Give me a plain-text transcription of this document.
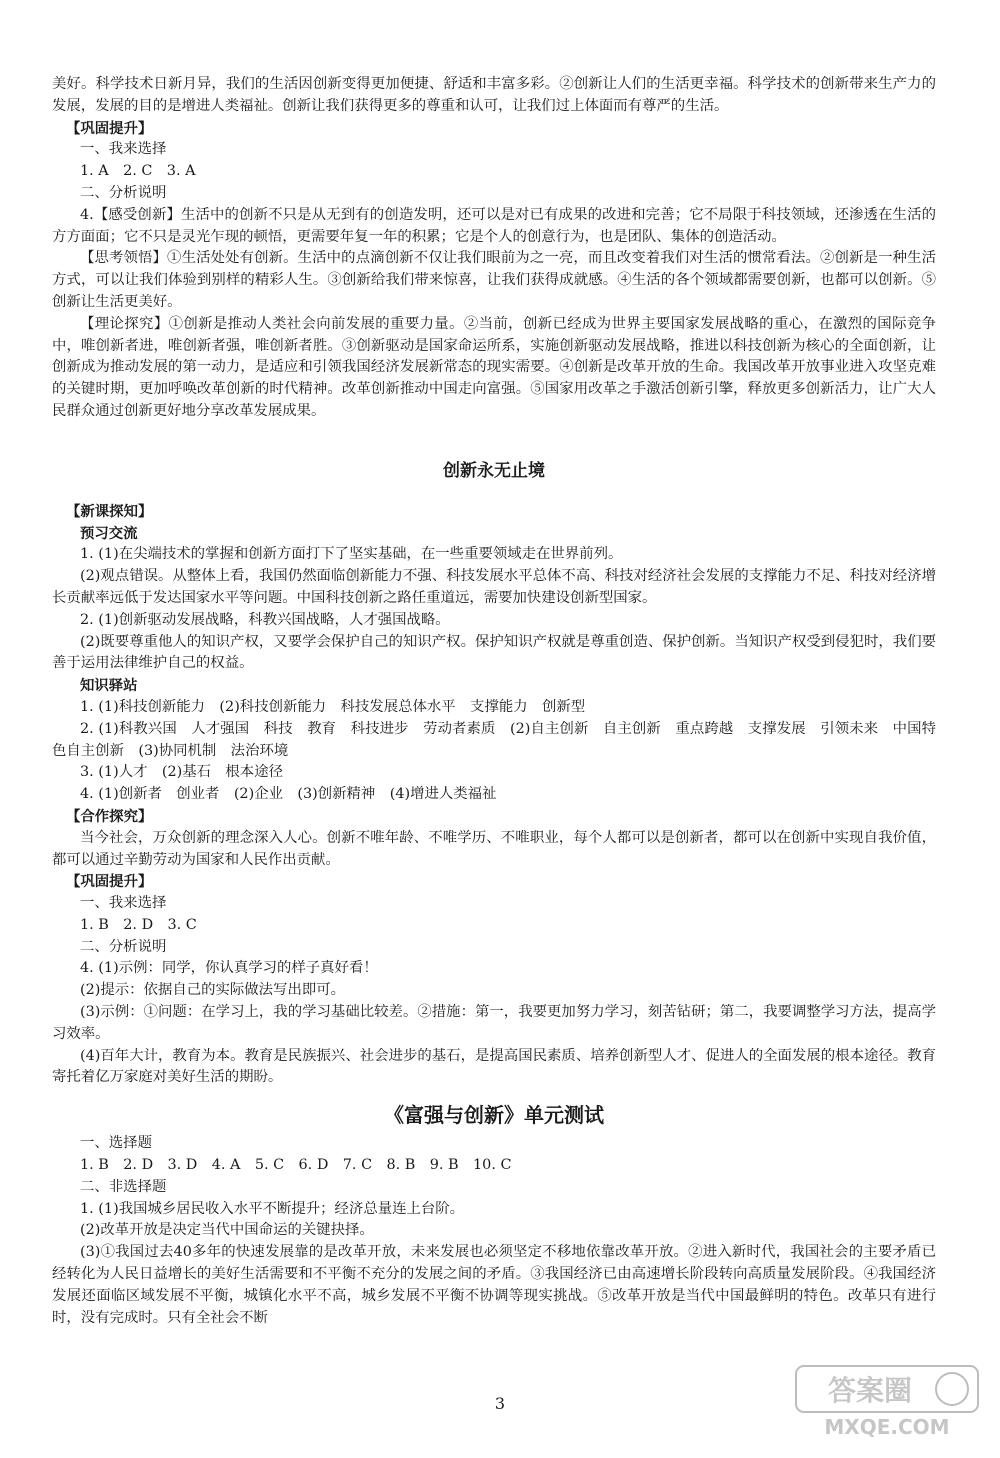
美好。科学技术日新月异，我们的生活因创新变得更加便捷、舒适和丰富多彩。②创新让人们的生活更幸福。科学技术的创新带来生产力的发展，发展的目的是增进人类福祉。创新让我们获得更多的尊重和认可，让我们过上体面而有尊严的生活。

【巩固提升】

一、我来选择

1. A　2. C　3. A

二、分析说明

4.【感受创新】生活中的创新不只是从无到有的创造发明，还可以是对已有成果的改进和完善；它不局限于科技领域，还渗透在生活的方方面面；它不只是灵光乍现的顿悟，更需要年复一年的积累；它是个人的创意行为，也是团队、集体的创造活动。

【思考领悟】①生活处处有创新。生活中的点滴创新不仅让我们眼前为之一亮，而且改变着我们对生活的惯常看法。②创新是一种生活方式，可以让我们体验到别样的精彩人生。③创新给我们带来惊喜，让我们获得成就感。④生活的各个领域都需要创新，也都可以创新。⑤创新让生活更美好。

【理论探究】①创新是推动人类社会向前发展的重要力量。②当前，创新已经成为世界主要国家发展战略的重心，在激烈的国际竞争中，唯创新者进，唯创新者强，唯创新者胜。③创新驱动是国家命运所系，实施创新驱动发展战略，推进以科技创新为核心的全面创新，让创新成为推动发展的第一动力，是适应和引领我国经济发展新常态的现实需要。④创新是改革开放的生命。我国改革开放事业进入攻坚克难的关键时期，更加呼唤改革创新的时代精神。改革创新推动中国走向富强。⑤国家用改革之手激活创新引擎，释放更多创新活力，让广大人民群众通过创新更好地分享改革发展成果。

创新永无止境

【新课探知】

预习交流

1. (1)在尖端技术的掌握和创新方面打下了坚实基础，在一些重要领域走在世界前列。

(2)观点错误。从整体上看，我国仍然面临创新能力不强、科技发展水平总体不高、科技对经济社会发展的支撑能力不足、科技对经济增长贡献率远低于发达国家水平等问题。中国科技创新之路任重道远，需要加快建设创新型国家。

2. (1)创新驱动发展战略，科教兴国战略，人才强国战略。

(2)既要尊重他人的知识产权，又要学会保护自己的知识产权。保护知识产权就是尊重创造、保护创新。当知识产权受到侵犯时，我们要善于运用法律维护自己的权益。

知识驿站

1. (1)科技创新能力　(2)科技创新能力　科技发展总体水平　支撑能力　创新型

2. (1)科教兴国　人才强国　科技　教育　科技进步　劳动者素质　(2)自主创新　自主创新　重点跨越　支撑发展　引领未来　中国特色自主创新　(3)协同机制　法治环境

3. (1)人才　(2)基石　根本途径

4. (1)创新者　创业者　(2)企业　(3)创新精神　(4)增进人类福祉

【合作探究】

当今社会，万众创新的理念深入人心。创新不唯年龄、不唯学历、不唯职业，每个人都可以是创新者，都可以在创新中实现自我价值，都可以通过辛勤劳动为国家和人民作出贡献。

【巩固提升】

一、我来选择

1. B　2. D　3. C

二、分析说明

4. (1)示例：同学，你认真学习的样子真好看！

(2)提示：依据自己的实际做法写出即可。

(3)示例：①问题：在学习上，我的学习基础比较差。②措施：第一，我要更加努力学习，刻苦钻研；第二，我要调整学习方法，提高学习效率。

(4)百年大计，教育为本。教育是民族振兴、社会进步的基石，是提高国民素质、培养创新型人才、促进人的全面发展的根本途径。教育寄托着亿万家庭对美好生活的期盼。

《富强与创新》单元测试

一、选择题

1. B　2. D　3. D　4. A　5. C　6. D　7. C　8. B　9. B　10. C

二、非选择题

1. (1)我国城乡居民收入水平不断提升；经济总量连上台阶。

(2)改革开放是决定当代中国命运的关键抉择。

(3)①我国过去40多年的快速发展靠的是改革开放，未来发展也必须坚定不移地依靠改革开放。②进入新时代，我国社会的主要矛盾已经转化为人民日益增长的美好生活需要和不平衡不充分的发展之间的矛盾。③我国经济已由高速增长阶段转向高质量发展阶段。④我国经济发展还面临区域发展不平衡，城镇化水平不高，城乡发展不平衡不协调等现实挑战。⑤改革开放是当代中国最鲜明的特色。改革只有进行时，没有完成时。只有全社会不断

3	答案圈
MXQE.COM
